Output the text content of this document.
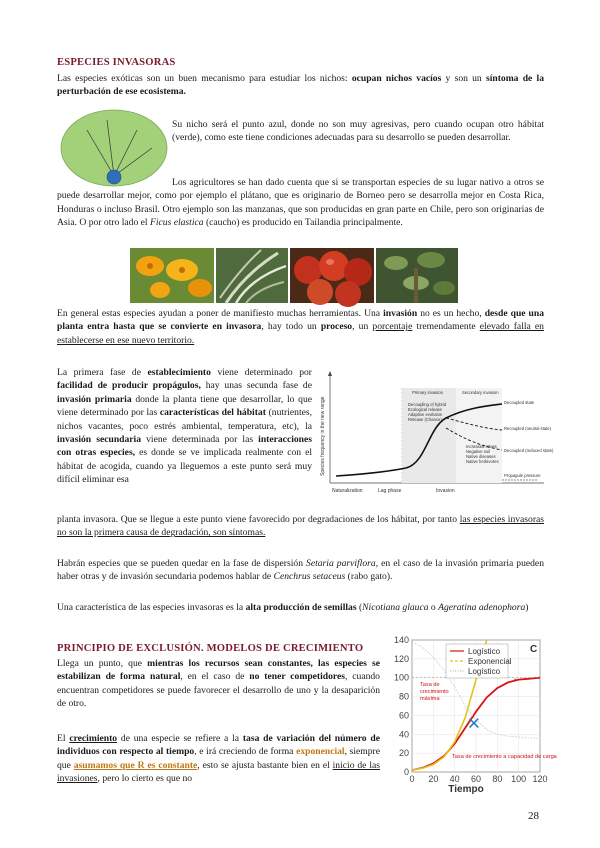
ESPECIES INVASORAS

Las especies exóticas son un buen mecanismo para estudiar los nichos: ocupan nichos vacíos y son un síntoma de la perturbación de ese ecosistema.

Su nicho será el punto azul, donde no son muy agresivas, pero cuando ocupan otro hábitat (verde), como este tiene condiciones adecuadas para su desarrollo se pueden desarrollar.

Los agricultores se han dado cuenta que si se transportan especies de su lugar nativo a otros se puede desarrollar mejor, como por ejemplo el plátano, que es originario de Borneo pero se desarrolla mejor en Costa Rica, Honduras o incluso Brasil. Otro ejemplo son las manzanas, que son producidas en gran parte en Chile, pero son originarias de Asia. O por otro lado el Ficus elastica (caucho) es producido en Tailandia principalmente.

En general estas especies ayudan a poner de manifiesto muchas herramientas. Una invasión no es un hecho, desde que una planta entra hasta que se convierte en invasora, hay todo un proceso, un porcentaje tremendamente elevado falla en establecerse en ese nuevo territorio.

La primera fase de establecimiento viene determinado por facilidad de producir propágulos, hay unas secunda fase de invasión primaria donde la planta tiene que desarrollar, lo que viene determinado por las características del hábitat (nutrientes, nichos vacantes, poco estrés ambiental, temperatura, etc), la invasión secundaria viene determinada por las interacciones con otras especies, es donde se ve implicada realmente con el hábitat de acogida, cuando ya lleguemos a este punto será muy difícil eliminar esa

Species frequency in the new range
Primary invasion	Secondary invasion
Decoupling of hybrid
Ecological release
Adaptive evolution
Release (Chance)
Increased stress
Negative soil
Native diseases
Native herbivores
Decoupled state
Recoupled (neutral state)
Decoupled (reduced state)
Propagule pressure
Naturalization	Lag phase	Invasion

planta invasora. Que se llegue a este punto viene favorecido por degradaciones de los hábitat, por tanto las especies invasoras no son la primera causa de degradación, son síntomas.

Habrán especies que se pueden quedar en la fase de dispersión Setaria parviflora, en el caso de la invasión primaria pueden haber otras y de invasión secundaria podemos hablar de Cenchrus setaceus (rabo gato).

Una característica de las especies invasoras es la alta producción de semillas (Nicotiana glauca o Ageratina adenophora)

PRINCIPIO DE EXCLUSIÓN. MODELOS DE CRECIMIENTO

Llega un punto, que mientras los recursos sean constantes, las especies se estabilizan de forma natural, en el caso de no tener competidores, cuando encuentran competidores se puede favorecer el desarrollo de uno y la desaparición de otro.

El crecimiento de una especie se refiere a la tasa de variación del número de individuos con respecto al tiempo, e irá creciendo de forma exponencial, siempre que asumamos que R es constante, esto se ajusta bastante bien en el inicio de las invasiones, pero lo cierto es que no

0
20
40
60
80
100
120
140
0 20 40 60 80 100 120
×
C
Logístico
Exponencial
Logístico
Tasa de
crecimiento
máxima
Tasa de crecimiento a capacidad de carga
×
Tiempo
28
